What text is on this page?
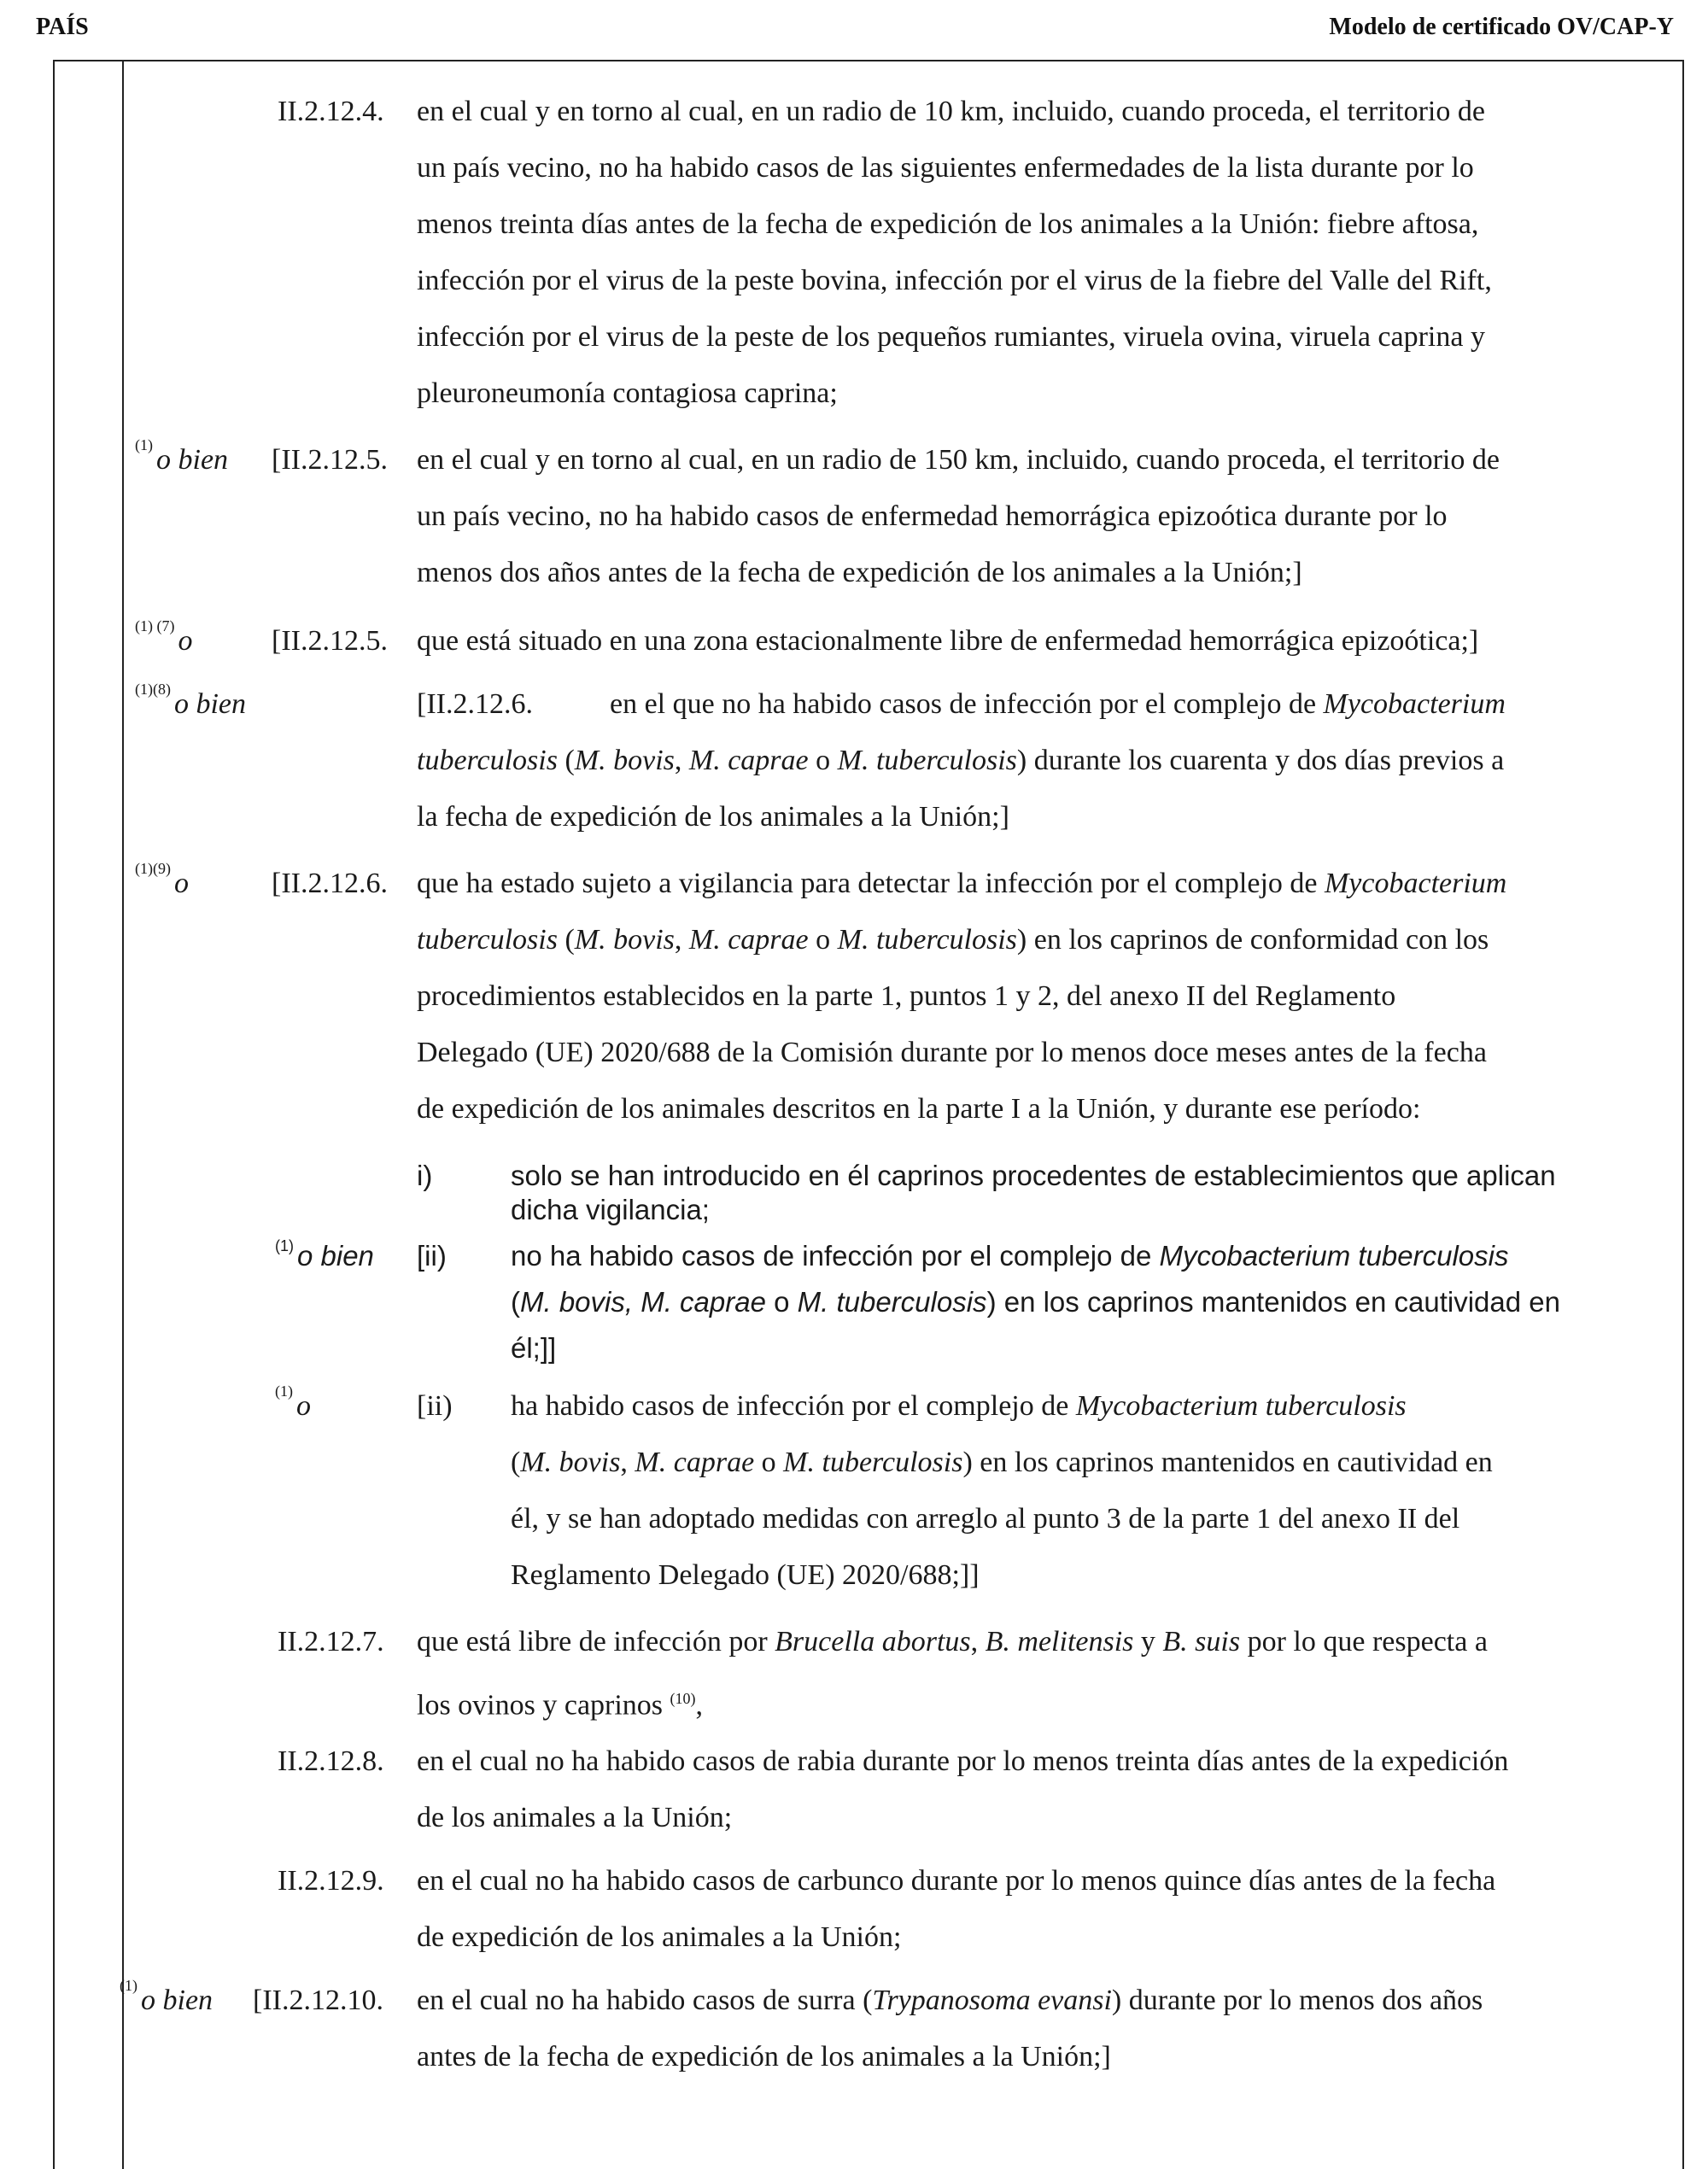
PAÍS	Modelo de certificado OV/CAP-Y
II.2.12.4. en el cual y en torno al cual, en un radio de 10 km, incluido, cuando proceda, el territorio de
un país vecino, no ha habido casos de las siguientes enfermedades de la lista durante por lo
menos treinta días antes de la fecha de expedición de los animales a la Unión: fiebre aftosa,
infección por el virus de la peste bovina, infección por el virus de la fiebre del Valle del Rift,
infección por el virus de la peste de los pequeños rumiantes, viruela ovina, viruela caprina y
pleuroneumonía contagiosa caprina;
$^{(1)}$ o bien [II.2.12.5. en el cual y en torno al cual, en un radio de 150 km, incluido, cuando proceda, el territorio de
un país vecino, no ha habido casos de enfermedad hemorrágica epizoótica durante por lo
menos dos años antes de la fecha de expedición de los animales a la Unión;]
$^{(1) (7)}$ o	[II.2.12.5. que está situado en una zona estacionalmente libre de enfermedad hemorrágica epizoótica;]
$^{(1)(8)}$ o bien	[II.2.12.6.	en el que no ha habido casos de infección por el complejo de Mycobacterium
tuberculosis (M. bovis, M. caprae o M. tuberculosis) durante los cuarenta y dos días previos a
la fecha de expedición de los animales a la Unión;]
$^{(1)(9)}$ o	[II.2.12.6. que ha estado sujeto a vigilancia para detectar la infección por el complejo de Mycobacterium
tuberculosis (M. bovis, M. caprae o M. tuberculosis) en los caprinos de conformidad con los
procedimientos establecidos en la parte 1, puntos 1 y 2, del anexo II del Reglamento
Delegado (UE) 2020/688 de la Comisión durante por lo menos doce meses antes de la fecha
de expedición de los animales descritos en la parte I a la Unión, y durante ese período:
i)	solo se han introducido en él caprinos procedentes de establecimientos que aplican
dicha vigilancia;
$^{(1)}$ o bien [ii) no ha habido casos de infección por el complejo de Mycobacterium tuberculosis
(M. bovis, M. caprae o M. tuberculosis) en los caprinos mantenidos en cautividad en
él;]]
$^{(1)}$ o	[ii) ha habido casos de infección por el complejo de Mycobacterium tuberculosis
(M. bovis, M. caprae o M. tuberculosis) en los caprinos mantenidos en cautividad en
él, y se han adoptado medidas con arreglo al punto 3 de la parte 1 del anexo II del
Reglamento Delegado (UE) 2020/688;]]
II.2.12.7. que está libre de infección por Brucella abortus, B. melitensis y B. suis por lo que respecta a
los ovinos y caprinos $^{(10)}$,
II.2.12.8. en el cual no ha habido casos de rabia durante por lo menos treinta días antes de la expedición
de los animales a la Unión;
II.2.12.9. en el cual no ha habido casos de carbunco durante por lo menos quince días antes de la fecha
de expedición de los animales a la Unión;
$^{(1)}$ o bien [II.2.12.10. en el cual no ha habido casos de surra (Trypanosoma evansi) durante por lo menos dos años
antes de la fecha de expedición de los animales a la Unión;]
